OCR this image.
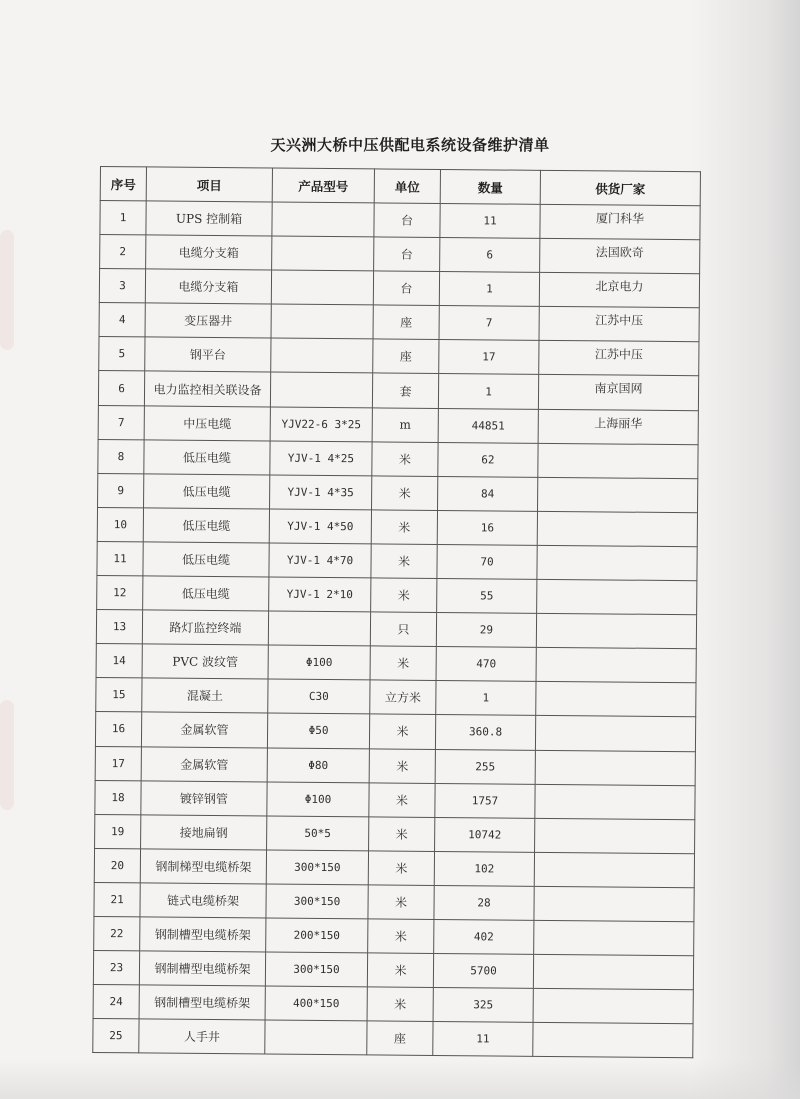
天兴洲大桥中压供配电系统设备维护清单
序号	项目	产品型号	单位	数量	供货厂家
1	UPS 控制箱		台	11	厦门科华
2	电缆分支箱		台	6	法国欧奇
3	电缆分支箱		台	1	北京电力
4	变压器井		座	7	江苏中压
5	钢平台		座	17	江苏中压
6	电力监控相关联设备		套	1	南京国网
7	中压电缆	YJV22-6 3*25	m	44851	上海丽华
8	低压电缆	YJV-1 4*25	米	62	
9	低压电缆	YJV-1 4*35	米	84	
10	低压电缆	YJV-1 4*50	米	16	
11	低压电缆	YJV-1 4*70	米	70	
12	低压电缆	YJV-1 2*10	米	55	
13	路灯监控终端		只	29	
14	PVC 波纹管	Φ100	米	470	
15	混凝土	C30	立方米	1	
16	金属软管	Φ50	米	360.8	
17	金属软管	Φ80	米	255	
18	镀锌钢管	Φ100	米	1757	
19	接地扁钢	50*5	米	10742	
20	钢制梯型电缆桥架	300*150	米	102	
21	链式电缆桥架	300*150	米	28	
22	钢制槽型电缆桥架	200*150	米	402	
23	钢制槽型电缆桥架	300*150	米	5700	
24	钢制槽型电缆桥架	400*150	米	325	
25	人手井		座	11	
